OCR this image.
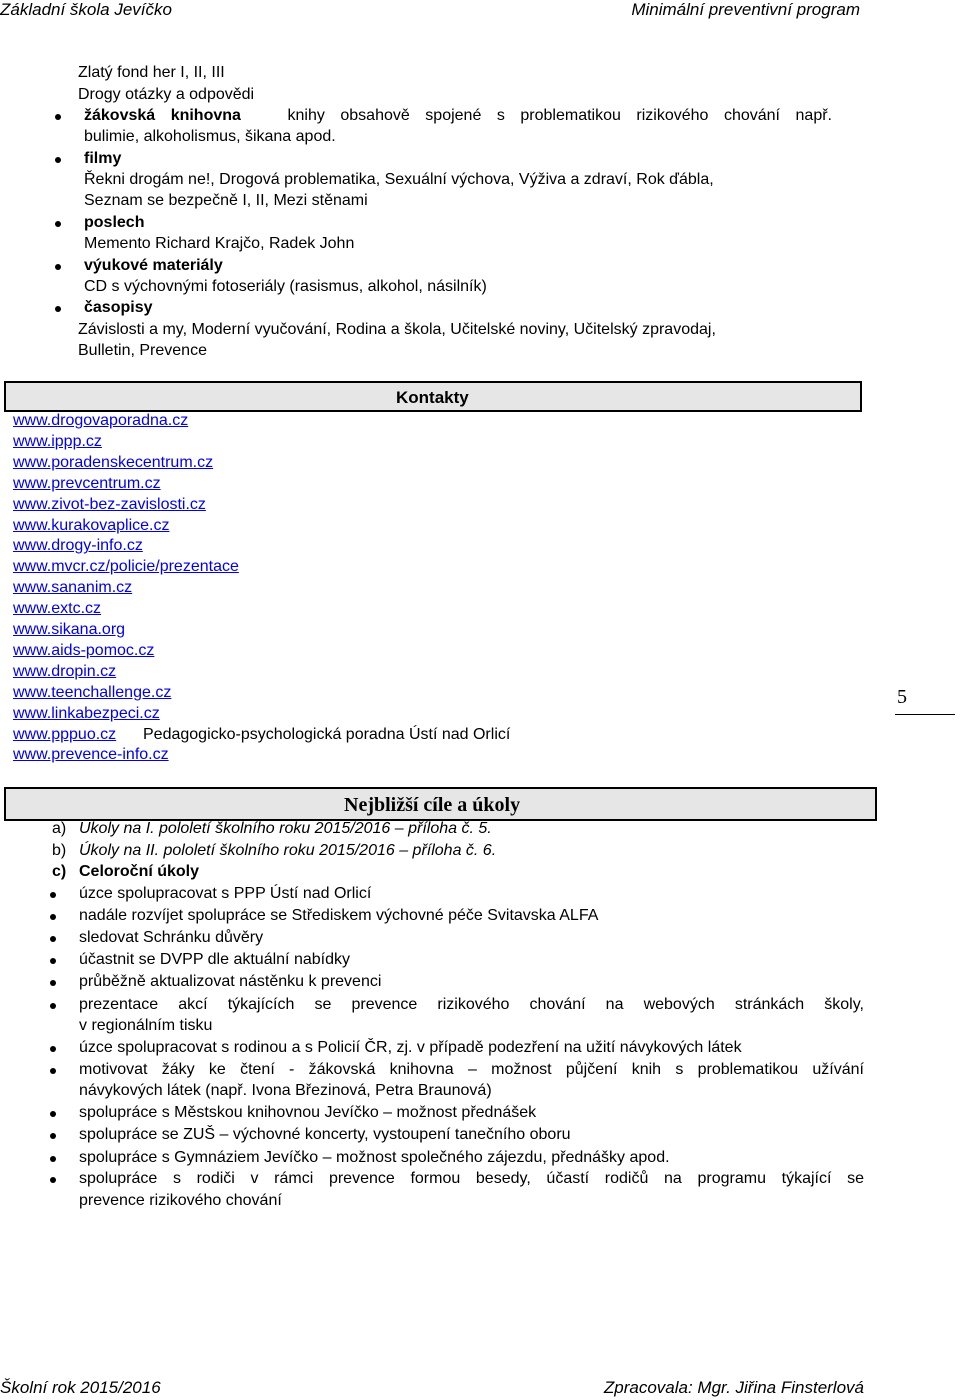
Základní škola Jevíčko	Minimální preventivní program
Zlatý fond her I, II, III
Drogy otázky a odpovědi
žákovská knihovna	knihy obsahově spojené s problematikou rizikového chování např.
bulimie, alkoholismus, šikana apod.
filmy
Řekni drogám ne!, Drogová problematika, Sexuální výchova, Výživa a zdraví, Rok ďábla,
Seznam se bezpečně I, II, Mezi stěnami
poslech
Memento Richard Krajčo, Radek John
výukové materiály
CD s výchovnými fotoseriály (rasismus, alkohol, násilník)
časopisy
Závislosti a my, Moderní vyučování, Rodina a škola, Učitelské noviny, Učitelský zpravodaj,
Bulletin, Prevence
Kontakty
www.drogovaporadna.cz
www.ippp.cz
www.poradenskecentrum.cz
www.prevcentrum.cz
www.zivot-bez-zavislosti.cz
www.kurakovaplice.cz
www.drogy-info.cz
www.mvcr.cz/policie/prezentace
www.sananim.cz
www.extc.cz
www.sikana.org
www.aids-pomoc.cz
www.dropin.cz
www.teenchallenge.cz
www.linkabezpeci.cz
www.pppuo.cz Pedagogicko-psychologická poradna Ústí nad Orlicí
www.prevence-info.cz
5
Nejbližší cíle a úkoly
a) Úkoly na I. pololetí školního roku 2015/2016 – příloha č. 5.
b) Úkoly na II. pololetí školního roku 2015/2016 – příloha č. 6.
c) Celoroční úkoly
úzce spolupracovat s PPP Ústí nad Orlicí
nadále rozvíjet spolupráce se Střediskem výchovné péče Svitavska ALFA
sledovat Schránku důvěry
účastnit se DVPP dle aktuální nabídky
průběžně aktualizovat nástěnku k prevenci
prezentace akcí týkajících se prevence rizikového chování na webových stránkách školy,
v regionálním tisku
úzce spolupracovat s rodinou a s Policií ČR, zj. v případě podezření na užití návykových látek
motivovat žáky ke čtení - žákovská knihovna – možnost půjčení knih s problematikou užívání
návykových látek (např. Ivona Březinová, Petra Braunová)
spolupráce s Městskou knihovnou Jevíčko – možnost přednášek
spolupráce se ZUŠ – výchovné koncerty, vystoupení tanečního oboru
spolupráce s Gymnáziem Jevíčko – možnost společného zájezdu, přednášky apod.
spolupráce s rodiči v rámci prevence formou besedy, účastí rodičů na programu týkající se
prevence rizikového chování
Školní rok 2015/2016	Zpracovala: Mgr. Jiřina Finsterlová
